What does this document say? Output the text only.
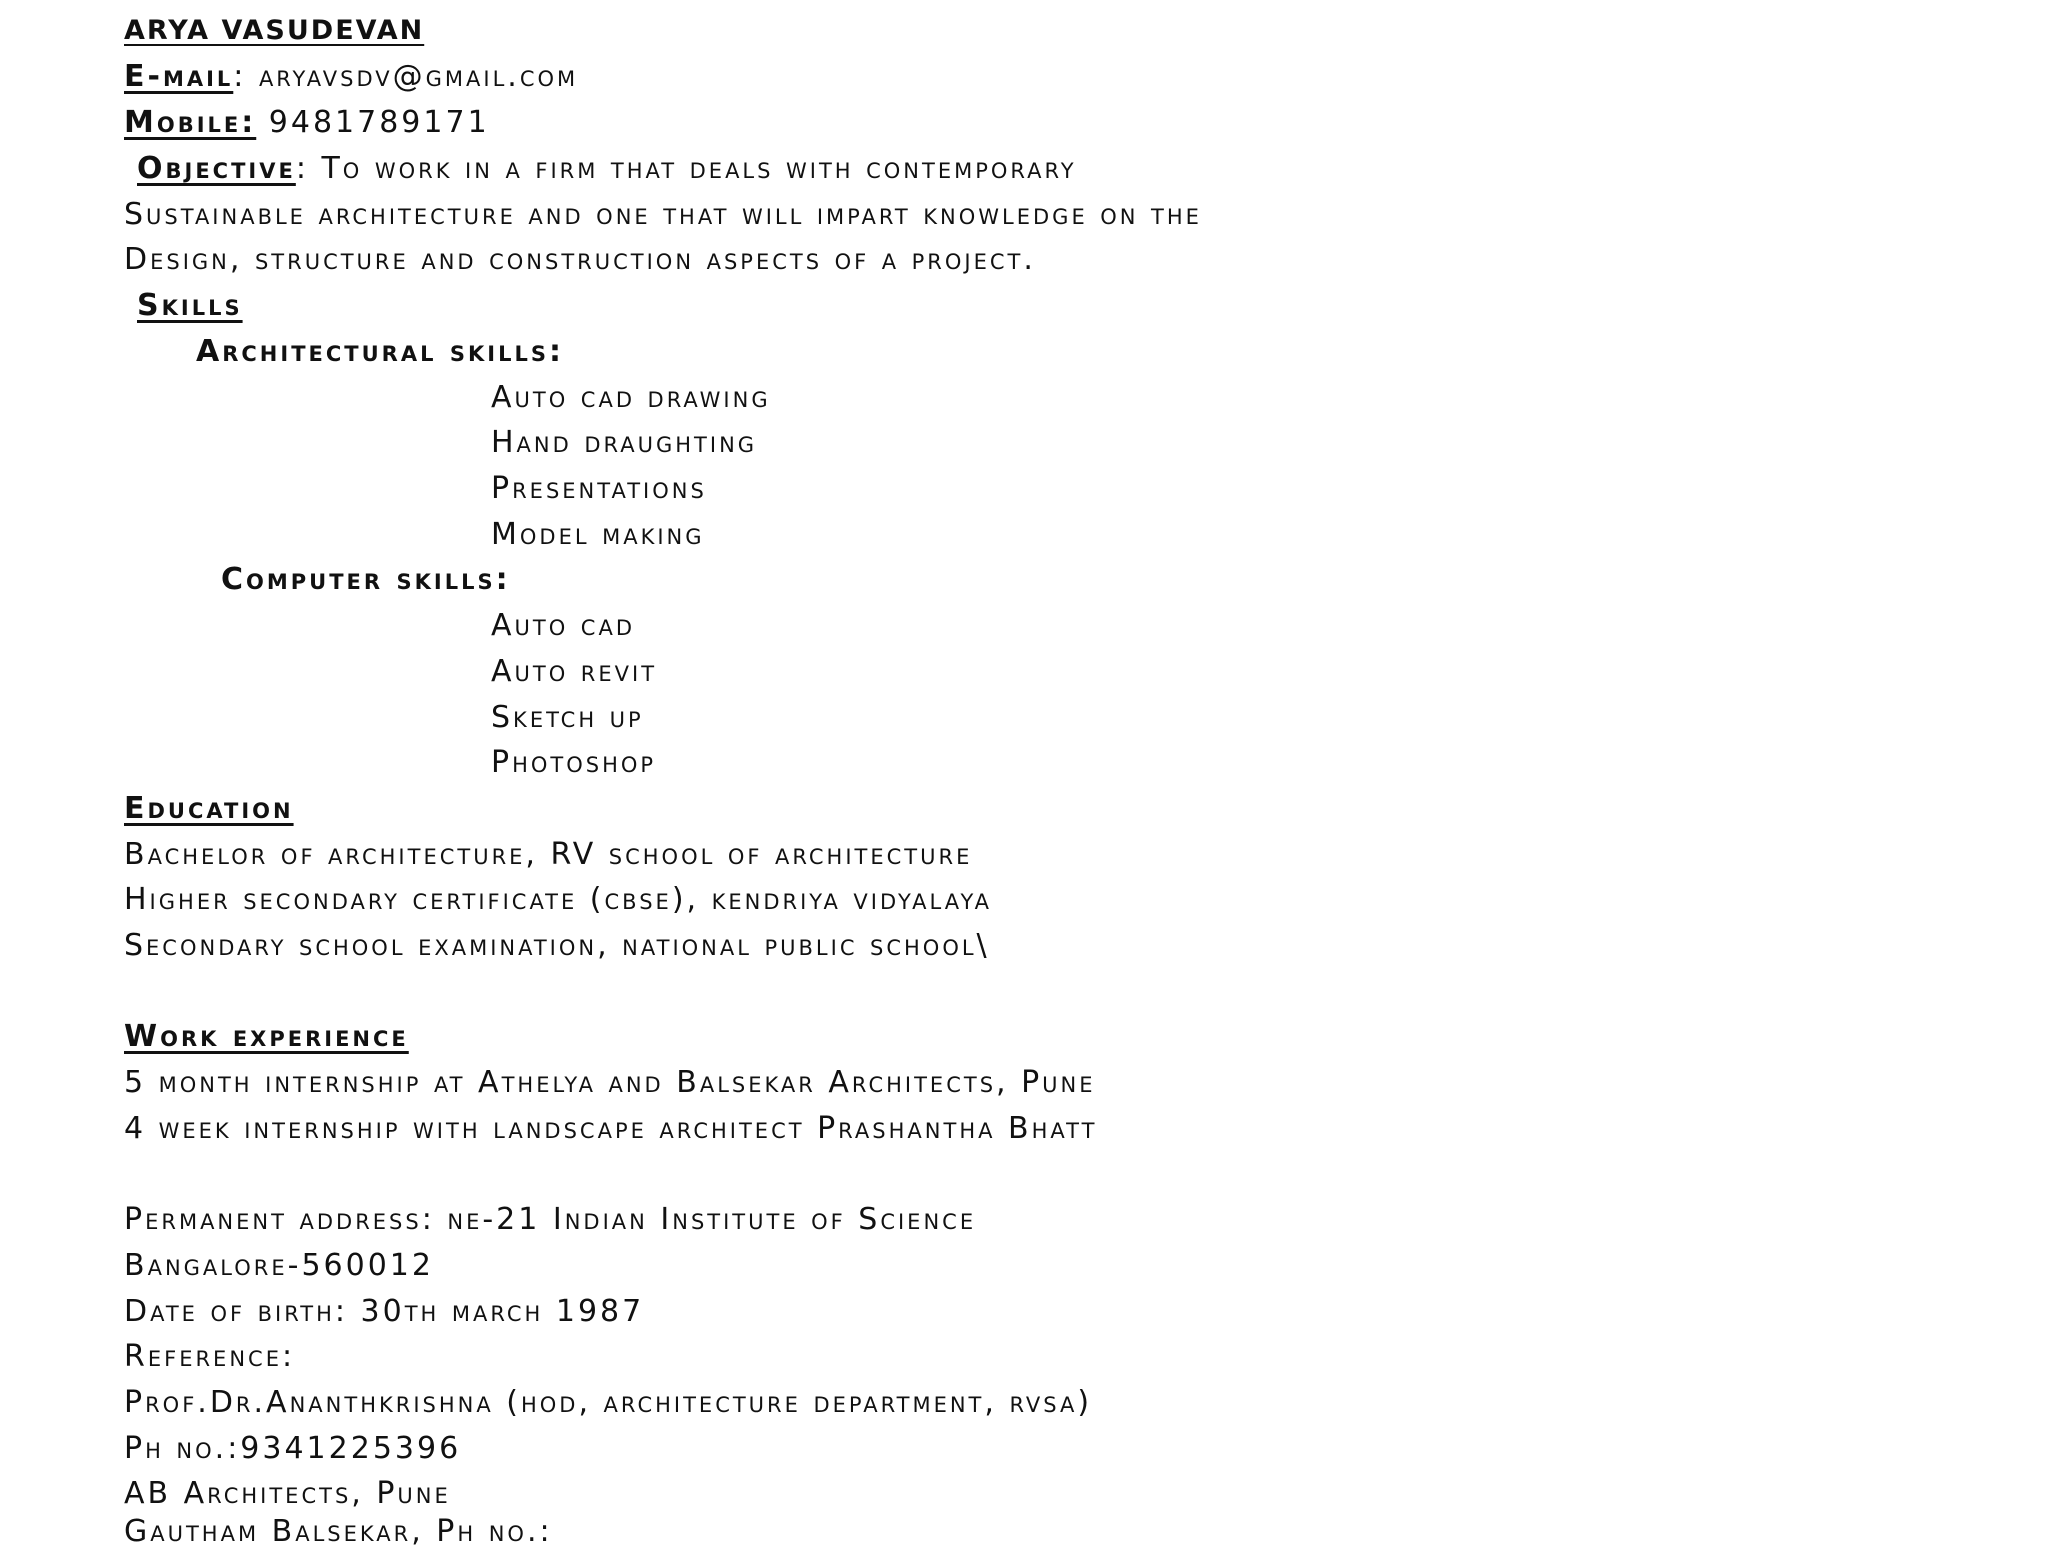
ARYA VASUDEVAN
E-mail: aryavsdv@gmail.com
Mobile: 9481789171
Objective: To work in a firm that deals with contemporary
Sustainable architecture and one that will impart knowledge on the
Design, structure and construction aspects of a project.
Skills
Architectural skills:
Auto cad drawing
Hand draughting
Presentations
Model making
Computer skills:
Auto cad
Auto revit
Sketch up
Photoshop
Education
Bachelor of architecture, RV school of architecture
Higher secondary certificate (cbse), kendriya vidyalaya
Secondary school examination, national public school\
Work experience
5 month internship at Athelya and Balsekar Architects, Pune
4 week internship with landscape architect Prashantha Bhatt
Permanent address: ne-21 Indian Institute of Science
Bangalore-560012
Date of birth: 30th march 1987
Reference:
Prof.Dr.Ananthkrishna (hod, architecture department, rvsa)
Ph no.:9341225396
AB Architects, Pune
Gautham Balsekar, Ph no.:
